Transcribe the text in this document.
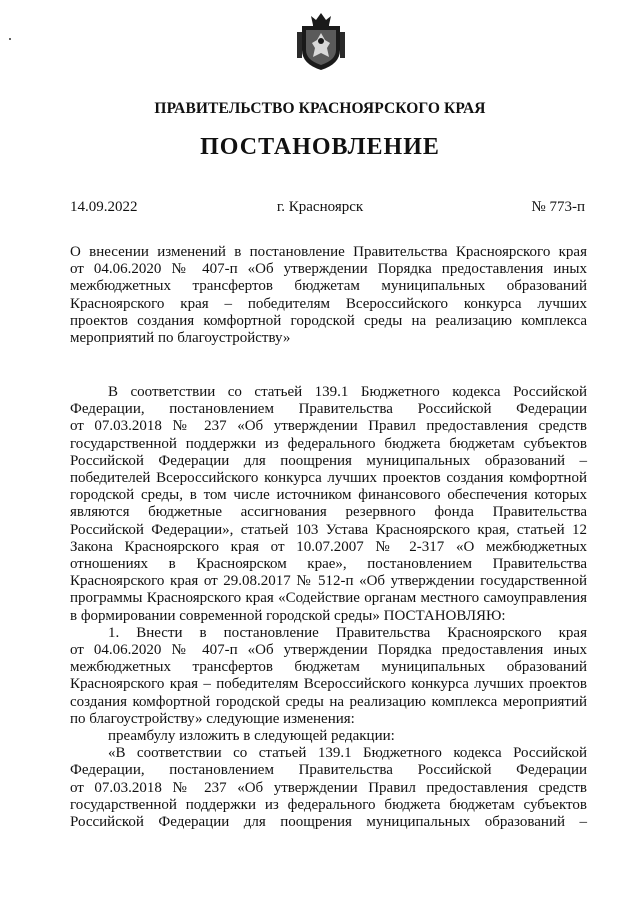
ПРАВИТЕЛЬСТВО КРАСНОЯРСКОГО КРАЯ
ПОСТАНОВЛЕНИЕ
14.09.2022	г. Красноярск	№ 773-п
О внесении изменений в постановление Правительства Красноярского края
от 04.06.2020 № 407-п «Об утверждении Порядка предоставления иных
межбюджетных трансфертов бюджетам муниципальных образований
Красноярского края – победителям Всероссийского конкурса лучших
проектов создания комфортной городской среды на реализацию комплекса
мероприятий по благоустройству»
В соответствии со статьей 139.1 Бюджетного кодекса Российской
Федерации, постановлением Правительства Российской Федерации
от 07.03.2018 № 237 «Об утверждении Правил предоставления средств
государственной поддержки из федерального бюджета бюджетам субъектов
Российской Федерации для поощрения муниципальных образований –
победителей Всероссийского конкурса лучших проектов создания комфортной
городской среды, в том числе источником финансового обеспечения которых
являются бюджетные ассигнования резервного фонда Правительства
Российской Федерации», статьей 103 Устава Красноярского края, статьей 12
Закона Красноярского края от 10.07.2007 № 2-317 «О межбюджетных
отношениях в Красноярском крае», постановлением Правительства
Красноярского края от 29.08.2017 № 512-п «Об утверждении государственной
программы Красноярского края «Содействие органам местного самоуправления
в формировании современной городской среды» ПОСТАНОВЛЯЮ:
1. Внести в постановление Правительства Красноярского края
от 04.06.2020 № 407-п «Об утверждении Порядка предоставления иных
межбюджетных трансфертов бюджетам муниципальных образований
Красноярского края – победителям Всероссийского конкурса лучших проектов
создания комфортной городской среды на реализацию комплекса мероприятий
по благоустройству» следующие изменения:
преамбулу изложить в следующей редакции:
«В соответствии со статьей 139.1 Бюджетного кодекса Российской
Федерации, постановлением Правительства Российской Федерации
от 07.03.2018 № 237 «Об утверждении Правил предоставления средств
государственной поддержки из федерального бюджета бюджетам субъектов
Российской Федерации для поощрения муниципальных образований –
